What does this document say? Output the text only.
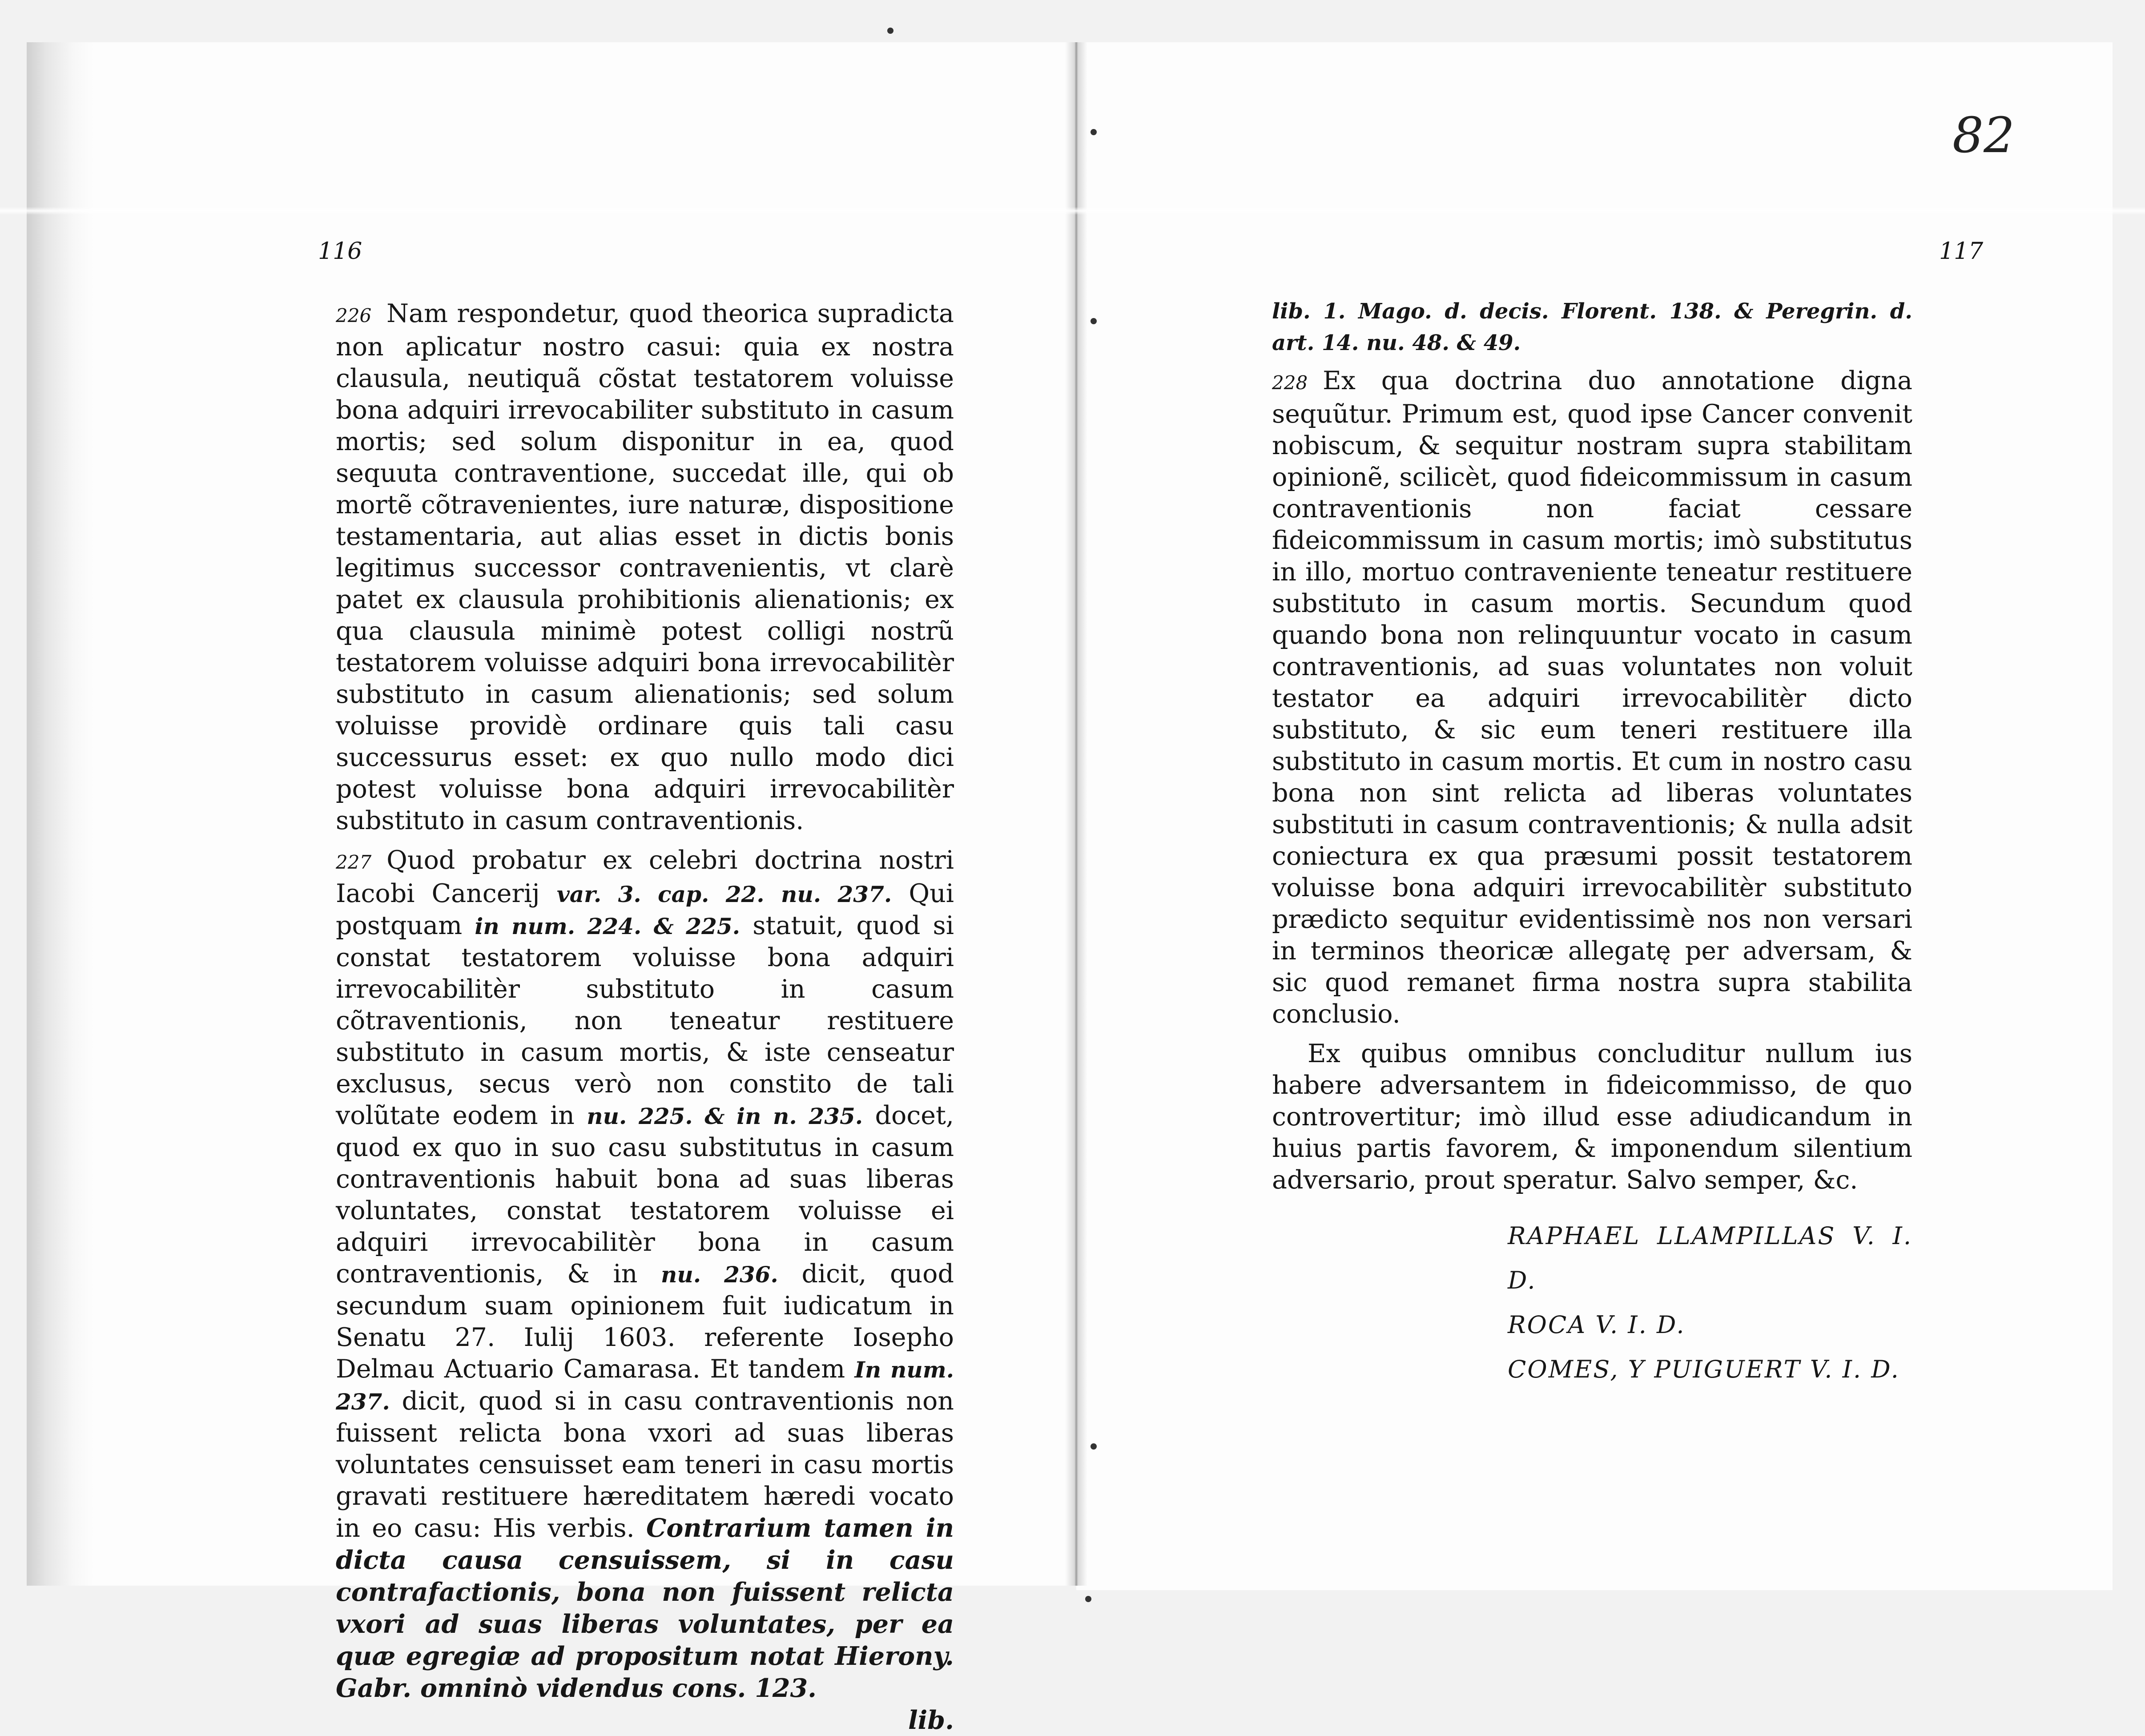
116

226 Nam respondetur, quod theorica supradicta non aplicatur nostro casui: quia ex nostra clausula, neutiquã cõstat testatorem voluisse bona adquiri irrevocabiliter substituto in casum mortis; sed solum disponitur in ea, quod sequuta contraventione, succedat ille, qui ob mortẽ cõtravenientes, iure naturæ, dispositione testamentaria, aut alias esset in dictis bonis legitimus successor contravenientis, vt clarè patet ex clausula prohibitionis alienationis; ex qua clausula minimè potest colligi nostrũ testatorem voluisse adquiri bona irrevocabilitèr substituto in casum alienationis; sed solum voluisse providè ordinare quis tali casu successurus esset: ex quo nullo modo dici potest voluisse bona adquiri irrevocabilitèr substituto in casum contraventionis.

227 Quod probatur ex celebri doctrina nostri Iacobi Cancerij var. 3. cap. 22. nu. 237. Qui postquam in num. 224. & 225. statuit, quod si constat testatorem voluisse bona adquiri irrevocabilitèr substituto in casum cõtraventionis, non teneatur restituere substituto in casum mortis, & iste censeatur exclusus, secus verò non constito de tali volũtate eodem in nu. 225. & in n. 235. docet, quod ex quo in suo casu substitutus in casum contraventionis habuit bona ad suas liberas voluntates, constat testatorem voluisse ei adquiri irrevocabilitèr bona in casum contraventionis, & in nu. 236. dicit, quod secundum suam opinionem fuit iudicatum in Senatu 27. Iulij 1603. referente Iosepho Delmau Actuario Camarasa. Et tandem In num. 237. dicit, quod si in casu contraventionis non fuissent relicta bona vxori ad suas liberas voluntates censuisset eam teneri in casu mortis gravati restituere hæreditatem hæredi vocato in eo casu: His verbis. Contrarium tamen in dicta causa censuissem, si in casu contrafactionis, bona non fuissent relicta vxori ad suas liberas voluntates, per ea quæ egregiæ ad propositum notat Hierony. Gabr. omninò videndus cons. 123.

lib.

117

lib. 1. Mago. d. decis. Florent. 138. & Peregrin. d. art. 14. nu. 48. & 49.

228 Ex qua doctrina duo annotatione digna sequũtur. Primum est, quod ipse Cancer convenit nobiscum, & sequitur nostram supra stabilitam opinionẽ, scilicèt, quod fideicommissum in casum contraventionis non faciat cessare fideicommissum in casum mortis; imò substitutus in illo, mortuo contraveniente teneatur restituere substituto in casum mortis. Secundum quod quando bona non relinquuntur vocato in casum contraventionis, ad suas voluntates non voluit testator ea adquiri irrevocabilitèr dicto substituto, & sic eum teneri restituere illa substituto in casum mortis. Et cum in nostro casu bona non sint relicta ad liberas voluntates substituti in casum contraventionis; & nulla adsit coniectura ex qua præsumi possit testatorem voluisse bona adquiri irrevocabilitèr substituto prædicto sequitur evidentissimè nos non versari in terminos theoricæ allegatę per adversam, & sic quod remanet firma nostra supra stabilita conclusio.

Ex quibus omnibus concluditur nullum ius habere adversantem in fideicommisso, de quo controvertitur; imò illud esse adiudicandum in huius partis favorem, & imponendum silentium adversario, prout speratur. Salvo semper, &c.

RAPHAEL LLAMPILLAS V. I. D.
ROCA V. I. D.
COMES, Y PUIGUERT V. I. D.
82
